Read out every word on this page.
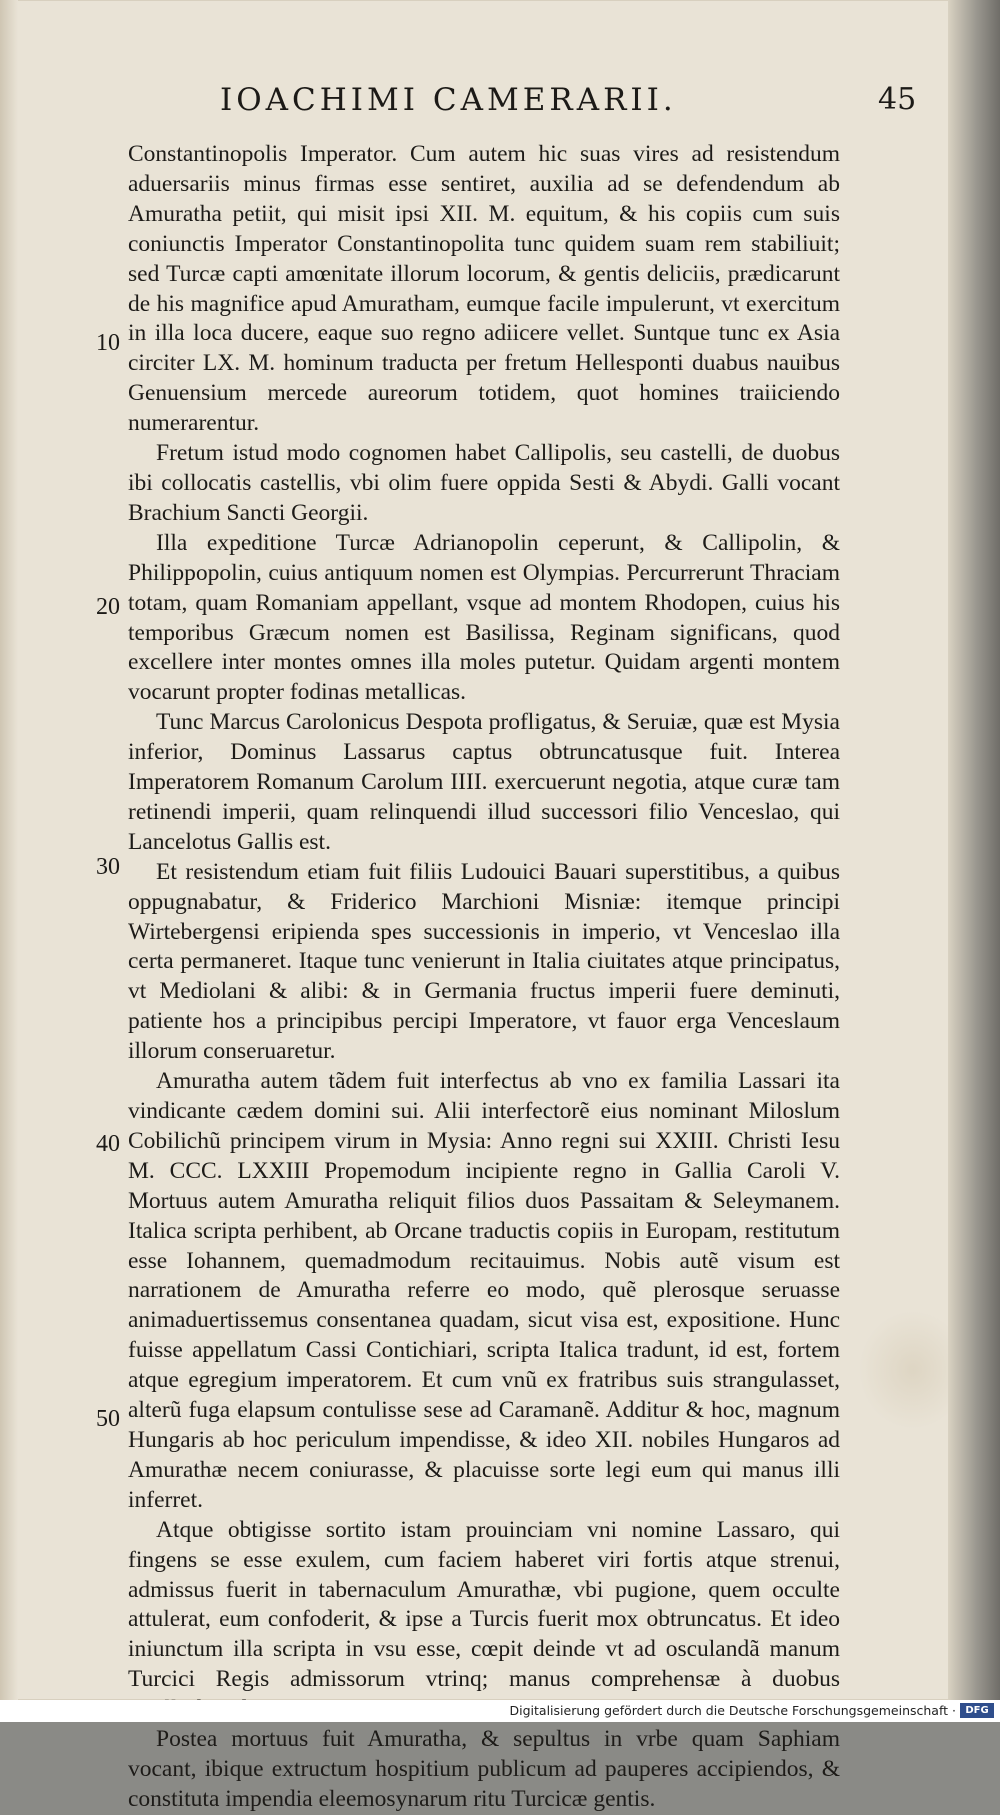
IOACHIMI CAMERARII.	45
10
20
30
40
50

Constantinopolis Imperator. Cum autem hic suas vires ad resistendum aduersariis minus firmas esse sentiret, auxilia ad se defendendum ab Amuratha petiit, qui misit ipsi XII. M. equitum, & his copiis cum suis coniunctis Imperator Constantinopolita tunc quidem suam rem stabiliuit; sed Turcæ capti amœnitate illorum locorum, & gentis deliciis, prædicarunt de his magnifice apud Amuratham, eumque facile impulerunt, vt exercitum in illa loca ducere, eaque suo regno adiicere vellet. Suntque tunc ex Asia circiter LX. M. hominum traducta per fretum Hellesponti duabus nauibus Genuensium mercede aureorum totidem, quot homines traiiciendo numerarentur.

Fretum istud modo cognomen habet Callipolis, seu castelli, de duobus ibi collocatis castellis, vbi olim fuere oppida Sesti & Abydi. Galli vocant Brachium Sancti Georgii.

Illa expeditione Turcæ Adrianopolin ceperunt, & Callipolin, & Philippopolin, cuius antiquum nomen est Olympias. Percurrerunt Thraciam totam, quam Romaniam appellant, vsque ad montem Rhodopen, cuius his temporibus Græcum nomen est Basilissa, Reginam significans, quod excellere inter montes omnes illa moles putetur. Quidam argenti montem vocarunt propter fodinas metallicas.

Tunc Marcus Carolonicus Despota profligatus, & Seruiæ, quæ est Mysia inferior, Dominus Lassarus captus obtruncatusque fuit. Interea Imperatorem Romanum Carolum IIII. exercuerunt negotia, atque curæ tam retinendi imperii, quam relinquendi illud successori filio Venceslao, qui Lancelotus Gallis est.

Et resistendum etiam fuit filiis Ludouici Bauari superstitibus, a quibus oppugnabatur, & Friderico Marchioni Misniæ: itemque principi Wirtebergensi eripienda spes successionis in imperio, vt Venceslao illa certa permaneret. Itaque tunc venierunt in Italia ciuitates atque principatus, vt Mediolani & alibi: & in Germania fructus imperii fuere deminuti, patiente hos a principibus percipi Imperatore, vt fauor erga Venceslaum illorum conseruaretur.

Amuratha autem tãdem fuit interfectus ab vno ex familia Lassari ita vindicante cædem domini sui. Alii interfectorẽ eius nominant Miloslum Cobilichũ principem virum in Mysia: Anno regni sui XXIII. Christi Iesu M. CCC. LXXIII Propemodum incipiente regno in Gallia Caroli V. Mortuus autem Amuratha reliquit filios duos Passaitam & Seleymanem. Italica scripta perhibent, ab Orcane traductis copiis in Europam, restitutum esse Iohannem, quemadmodum recitauimus. Nobis autẽ visum est narrationem de Amuratha referre eo modo, quẽ plerosque seruasse animaduertissemus consentanea quadam, sicut visa est, expositione. Hunc fuisse appellatum Cassi Contichiari, scripta Italica tradunt, id est, fortem atque egregium imperatorem. Et cum vnũ ex fratribus suis strangulasset, alterũ fuga elapsum contulisse sese ad Caramanẽ. Additur & hoc, magnum Hungaris ab hoc periculum impendisse, & ideo XII. nobiles Hungaros ad Amurathæ necem coniurasse, & placuisse sorte legi eum qui manus illi inferret.

Atque obtigisse sortito istam prouinciam vni nomine Lassaro, qui fingens se esse exulem, cum faciem haberet viri fortis atque strenui, admissus fuerit in tabernaculum Amurathæ, vbi pugione, quem occulte attulerat, eum confoderit, & ipse a Turcis fuerit mox obtruncatus. Et ideo iniunctum illa scripta in vsu esse, cœpit deinde vt ad osculandã manum Turcici Regis admissorum vtrinq; manus comprehensæ à duobus

Postea mortuus fuit Amuratha, & sepultus in vrbe quam Saphiam vocant, ibique extructum hospitium publicum ad pauperes accipiendos, & constituta impendia eleemosynarum ritu Turcicæ gentis.

Digitalisierung gefördert durch die Deutsche Forschungsgemeinschaft · DFG
